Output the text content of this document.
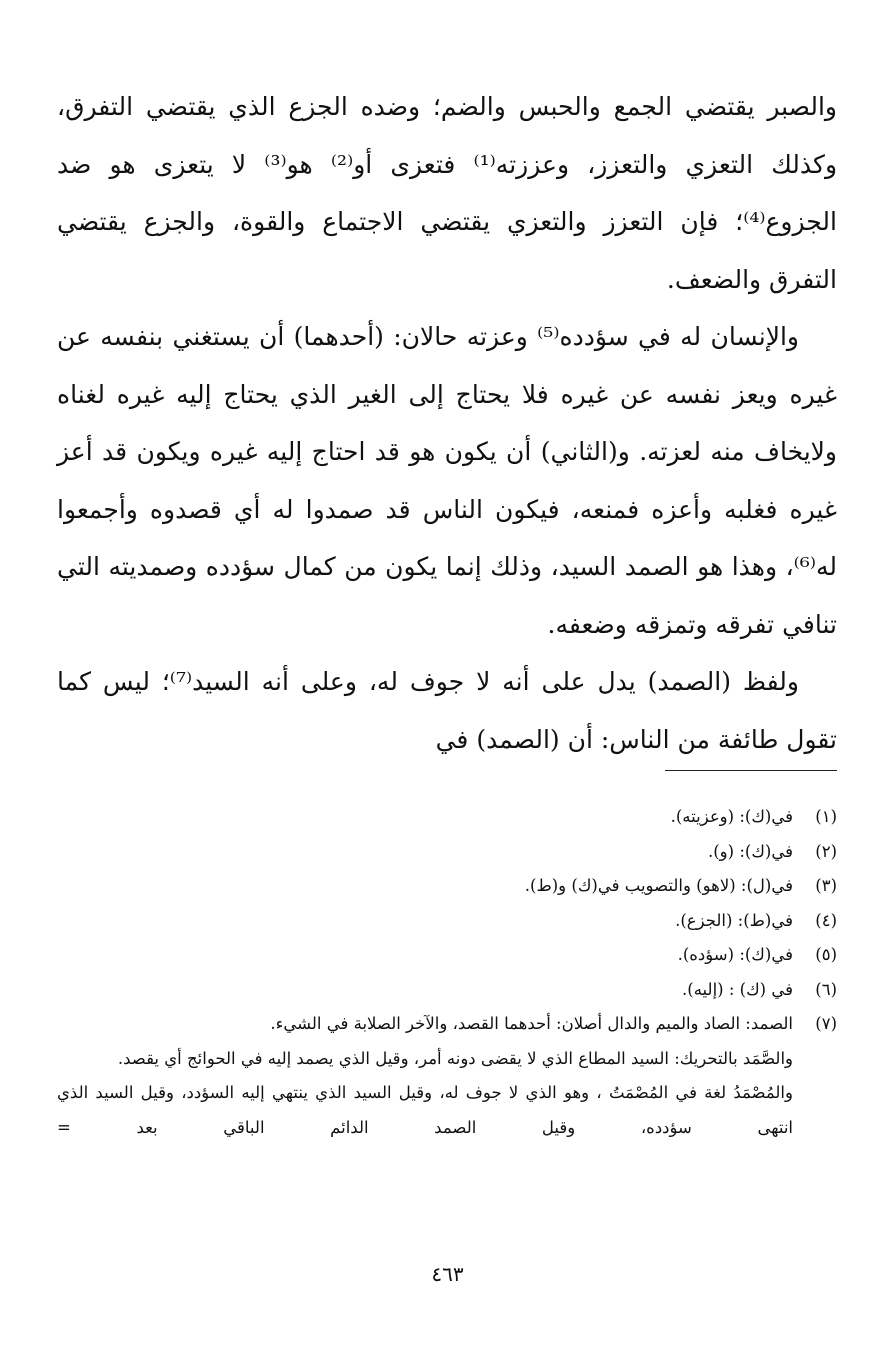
والصبر يقتضي الجمع والحبس والضم؛ وضده الجزع الذي يقتضي التفرق، وكذلك التعزي والتعزز، وعززته⁽¹⁾ فتعزى أو⁽²⁾ هو⁽³⁾ لا يتعزى هو ضد الجزوع⁽⁴⁾؛ فإن التعزز والتعزي يقتضي الاجتماع والقوة، والجزع يقتضي التفرق والضعف.

والإنسان له في سؤدده⁽⁵⁾ وعزته حالان: (أحدهما) أن يستغني بنفسه عن غيره ويعز نفسه عن غيره فلا يحتاج إلى الغير الذي يحتاج إليه غيره لغناه ولايخاف منه لعزته. و(الثاني) أن يكون هو قد احتاج إليه غيره ويكون قد أعز غيره فغلبه وأعزه فمنعه، فيكون الناس قد صمدوا له أي قصدوه وأجمعوا له⁽⁶⁾، وهذا هو الصمد السيد، وذلك إنما يكون من كمال سؤدده وصمديته التي تنافي تفرقه وتمزقه وضعفه.

ولفظ (الصمد) يدل على أنه لا جوف له، وعلى أنه السيد⁽⁷⁾؛ ليس كما تقول طائفة من الناس: أن (الصمد) في

(١)
في(ك): (وعزيته).
(٢)
في(ك): (و).
(٣)
في(ل): (لاهو) والتصويب في(ك) و(ط).
(٤)
في(ط): (الجزع).
(٥)
في(ك): (سؤده).
(٦)
في (ك) : (إليه).
(٧)
الصمد: الصاد والميم والدال أصلان: أحدهما القصد، والآخر الصلابة في الشيء.
والصَّمَد بالتحريك: السيد المطاع الذي لا يقضى دونه أمر، وقيل الذي يصمد إليه في الحوائج أي يقصد.
والمُصْمَدُ لغة في المُصْمَتُ ، وهو الذي لا جوف له، وقيل السيد الذي ينتهي إليه السؤدد، وقيل السيد الذي انتهى سؤدده، وقيل الصمد الدائم الباقي بعد =
٤٦٣
